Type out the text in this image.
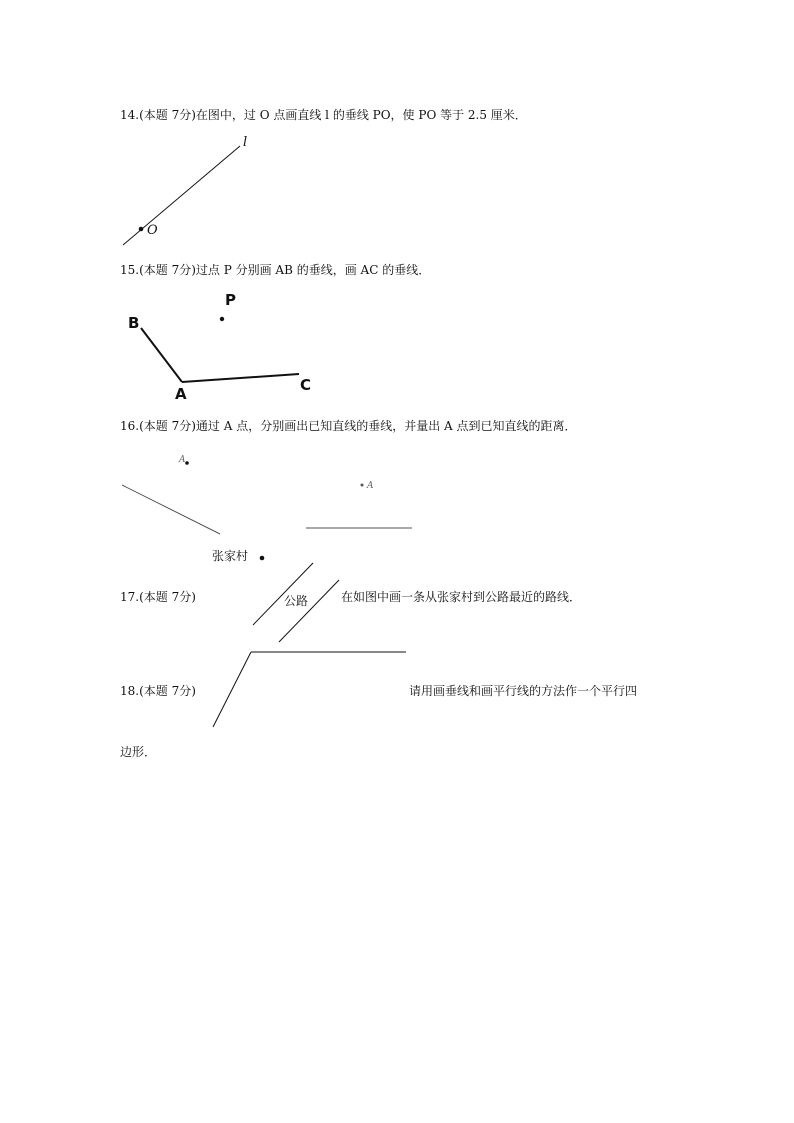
14.(本题 7分)在图中，过 O 点画直线 l 的垂线 PO，使 PO 等于 2.5 厘米．
15.(本题 7分)过点 P 分别画 AB 的垂线，画 AC 的垂线．
16.(本题 7分)通过 A 点，分别画出已知直线的垂线，并量出 A 点到已知直线的距离．
17.(本题 7分)	在如图中画一条从张家村到公路最近的路线．
18.(本题 7分)	请用画垂线和画平行线的方法作一个平行四
边形．
l
O
P
B
A	C
A
A
张家村
公路
